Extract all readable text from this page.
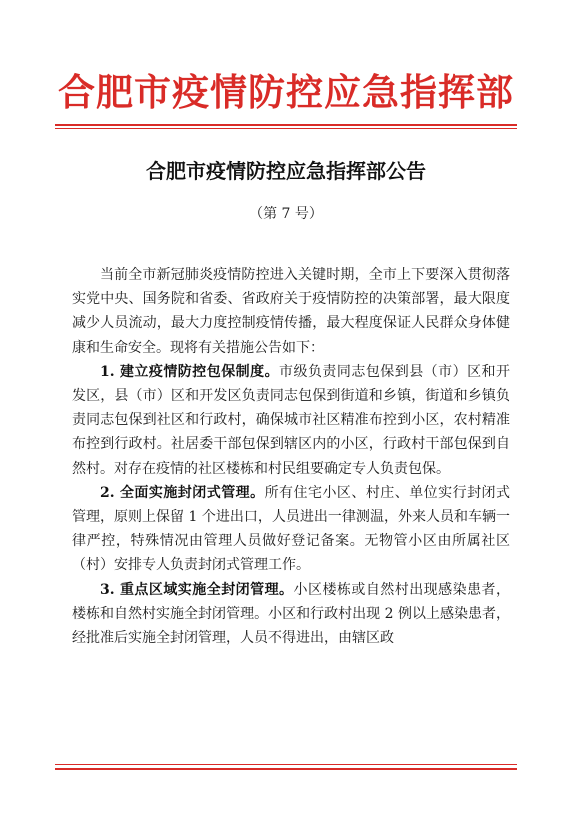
合肥市疫情防控应急指挥部
合肥市疫情防控应急指挥部公告
（第 7 号）

当前全市新冠肺炎疫情防控进入关键时期，全市上下要深入贯彻落实党中央、国务院和省委、省政府关于疫情防控的决策部署，最大限度减少人员流动，最大力度控制疫情传播，最大程度保证人民群众身体健康和生命安全。现将有关措施公告如下：

1. 建立疫情防控包保制度。市级负责同志包保到县（市）区和开发区，县（市）区和开发区负责同志包保到街道和乡镇，街道和乡镇负责同志包保到社区和行政村，确保城市社区精准布控到小区，农村精准布控到行政村。社居委干部包保到辖区内的小区，行政村干部包保到自然村。对存在疫情的社区楼栋和村民组要确定专人负责包保。

2. 全面实施封闭式管理。所有住宅小区、村庄、单位实行封闭式管理，原则上保留 1 个进出口，人员进出一律测温，外来人员和车辆一律严控，特殊情况由管理人员做好登记备案。无物管小区由所属社区（村）安排专人负责封闭式管理工作。

3. 重点区域实施全封闭管理。小区楼栋或自然村出现感染患者，楼栋和自然村实施全封闭管理。小区和行政村出现 2 例以上感染患者，经批准后实施全封闭管理，人员不得进出，由辖区政
